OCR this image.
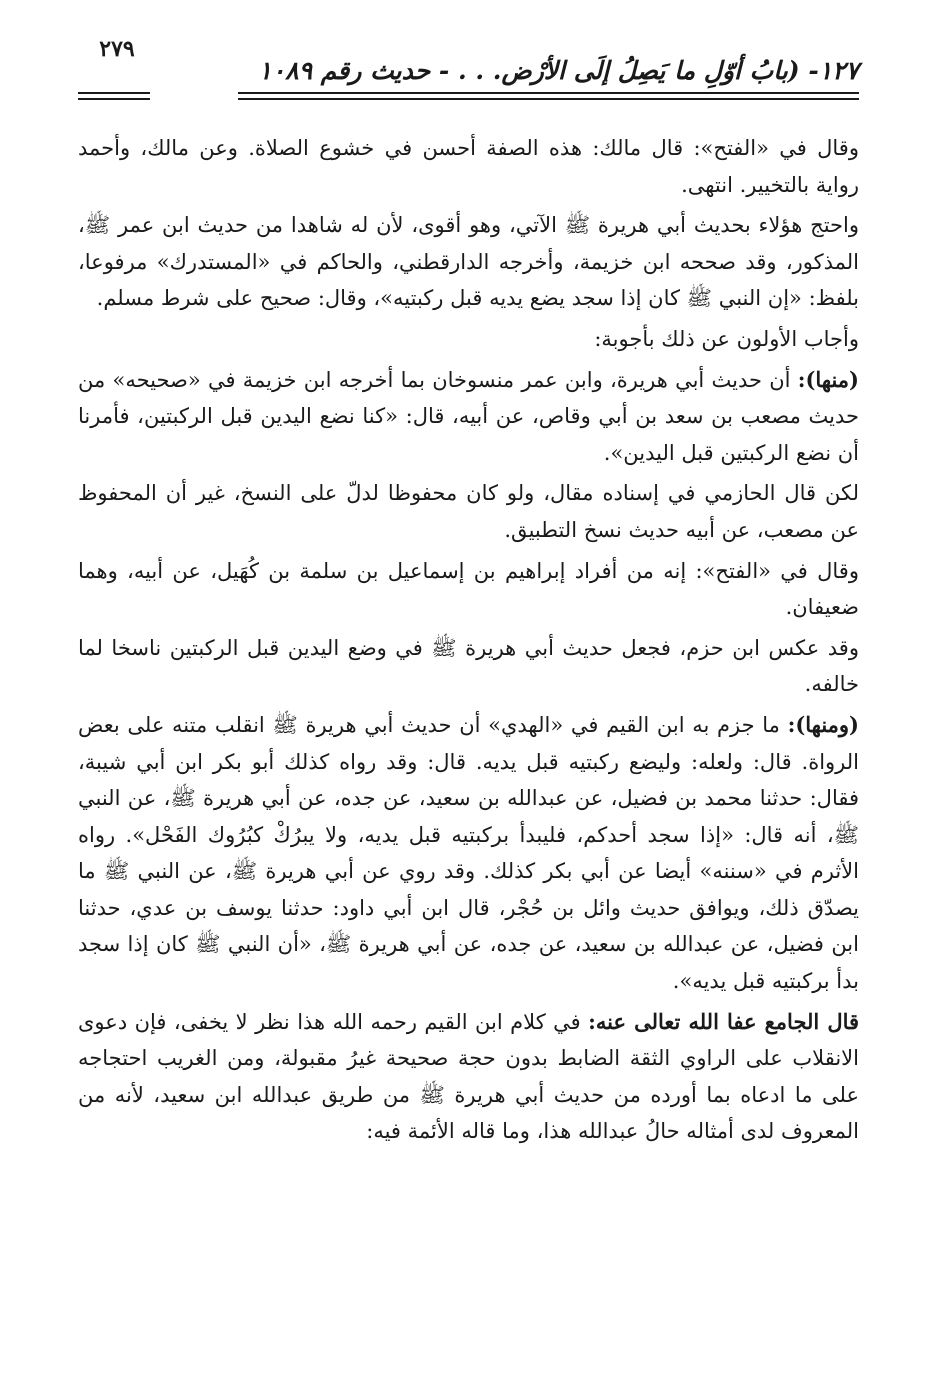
١٢٧- (بابُ أوّلِ ما يَصِلُ إلَى الأرْض. . . - حديث رقم ١٠٨٩
٢٧٩

وقال في «الفتح»: قال مالك: هذه الصفة أحسن في خشوع الصلاة. وعن مالك، وأحمد رواية بالتخيير. انتهى.

واحتج هؤلاء بحديث أبي هريرة ﷺ الآتي، وهو أقوى، لأن له شاهدا من حديث ابن عمر ﷺ، المذكور، وقد صححه ابن خزيمة، وأخرجه الدارقطني، والحاكم في «المستدرك» مرفوعا، بلفظ: «إن النبي ﷺ كان إذا سجد يضع يديه قبل ركبتيه»، وقال: صحيح على شرط مسلم.

وأجاب الأولون عن ذلك بأجوبة:

(منها): أن حديث أبي هريرة، وابن عمر منسوخان بما أخرجه ابن خزيمة في «صحيحه» من حديث مصعب بن سعد بن أبي وقاص، عن أبيه، قال: «كنا نضع اليدين قبل الركبتين، فأمرنا أن نضع الركبتين قبل اليدين».

لكن قال الحازمي في إسناده مقال، ولو كان محفوظا لدلّ على النسخ، غير أن المحفوظ عن مصعب، عن أبيه حديث نسخ التطبيق.

وقال في «الفتح»: إنه من أفراد إبراهيم بن إسماعيل بن سلمة بن كُهَيل، عن أبيه، وهما ضعيفان.

وقد عكس ابن حزم، فجعل حديث أبي هريرة ﷺ في وضع اليدين قبل الركبتين ناسخا لما خالفه.

(ومنها): ما جزم به ابن القيم في «الهدي» أن حديث أبي هريرة ﷺ انقلب متنه على بعض الرواة. قال: ولعله: وليضع ركبتيه قبل يديه. قال: وقد رواه كذلك أبو بكر ابن أبي شيبة، فقال: حدثنا محمد بن فضيل، عن عبدالله بن سعيد، عن جده، عن أبي هريرة ﷺ، عن النبي ﷺ، أنه قال: «إذا سجد أحدكم، فليبدأ بركبتيه قبل يديه، ولا يبرُكْ كبُرُوك الفَحْل». رواه الأثرم في «سننه» أيضا عن أبي بكر كذلك. وقد روي عن أبي هريرة ﷺ، عن النبي ﷺ ما يصدّق ذلك، ويوافق حديث وائل بن حُجْر، قال ابن أبي داود: حدثنا يوسف بن عدي، حدثنا ابن فضيل، عن عبدالله بن سعيد، عن جده، عن أبي هريرة ﷺ، «أن النبي ﷺ كان إذا سجد بدأ بركبتيه قبل يديه».

قال الجامع عفا الله تعالى عنه: في كلام ابن القيم رحمه الله هذا نظر لا يخفى، فإن دعوى الانقلاب على الراوي الثقة الضابط بدون حجة صحيحة غيرُ مقبولة، ومن الغريب احتجاجه على ما ادعاه بما أورده من حديث أبي هريرة ﷺ من طريق عبدالله ابن سعيد، لأنه من المعروف لدى أمثاله حالُ عبدالله هذا، وما قاله الأئمة فيه:
